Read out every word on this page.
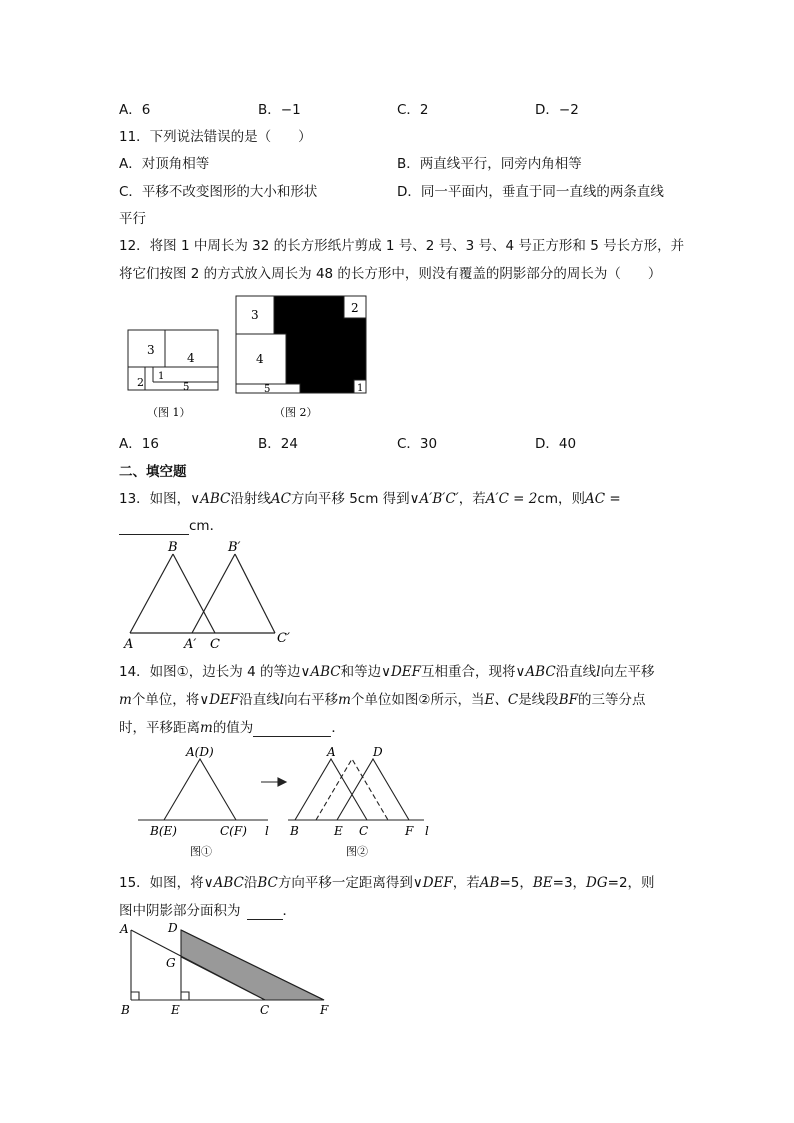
A．6	B．−1	C．2	D．−2
11．下列说法错误的是（　　）
A．对顶角相等	B．两直线平行，同旁内角相等
C．平移不改变图形的大小和形状	D．同一平面内，垂直于同一直线的两条直线
平行
12．将图 1 中周长为 32 的长方形纸片剪成 1 号、2 号、3 号、4 号正方形和 5 号长方形，并
将它们按图 2 的方式放入周长为 48 的长方形中，则没有覆盖的阴影部分的周长为（　　）
3
4
2 1
5
3	2
4
5	1
（图 1）	（图 2）
A．16	B．24	C．30	D．40
二、填空题
13．如图，∨ABC沿射线AC方向平移 5cm 得到∨A′B′C′，若A′C = 2cm，则AC =
cm．
B	B′
A	A′ C	C′
14．如图①，边长为 4 的等边∨ABC和等边∨DEF互相重合，现将∨ABC沿直线l向左平移
m个单位，将∨DEF沿直线l向右平移m个单位如图②所示，当E、C是线段BF的三等分点
时，平移距离m的值为	．
A(D)
B(E)	C(F) l
图①
A	D
B	E C	F l
图②
15．如图，将∨ABC沿BC方向平移一定距离得到∨DEF，若AB=5，BE=3，DG=2，则
图中阴影部分面积为	．
A	D
G
B	E	C	F
